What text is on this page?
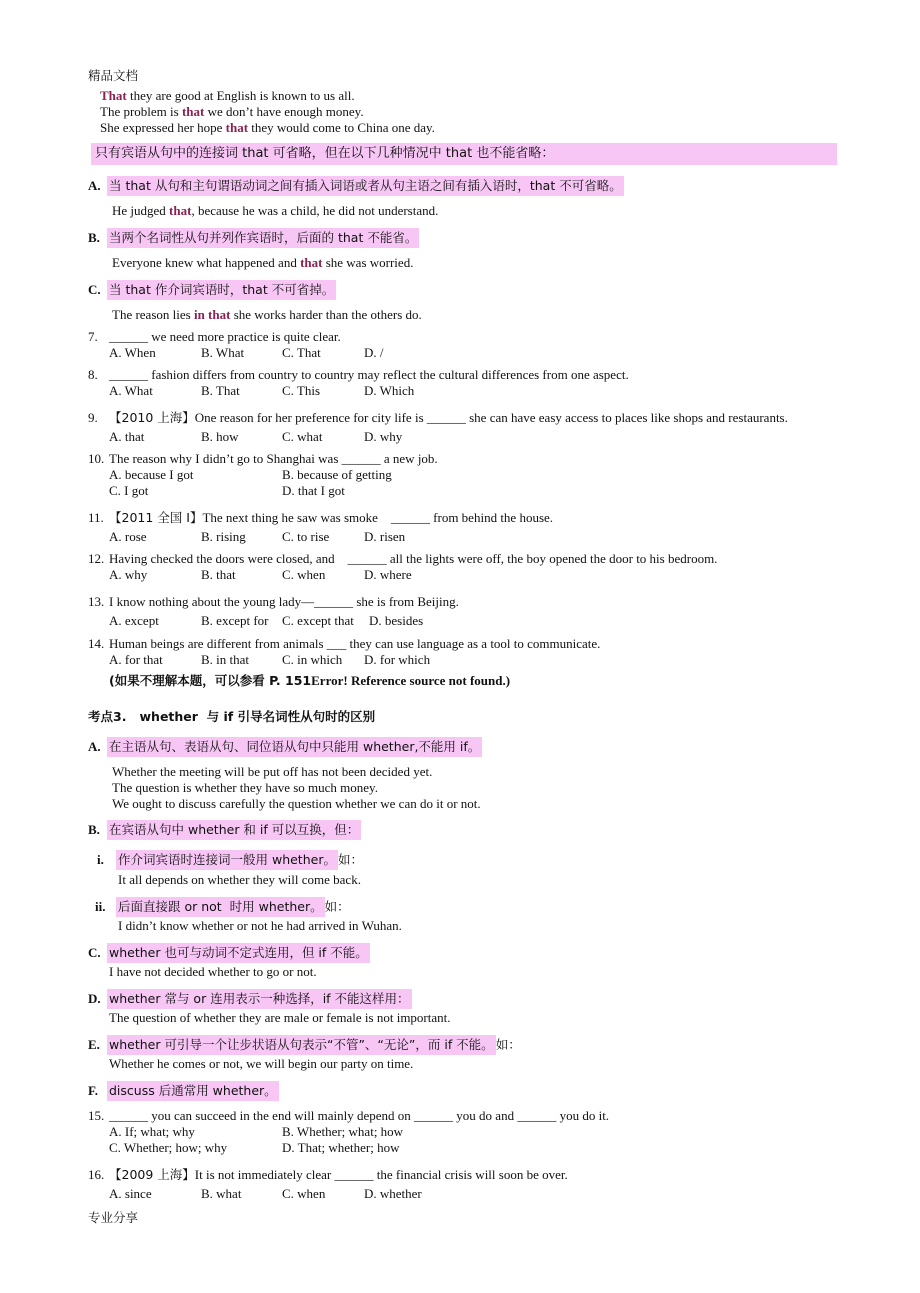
精品文档
That they are good at English is known to us all.
The problem is that we don’t have enough money.
She expressed her hope that they would come to China one day.
只有宾语从句中的连接词 that 可省略，但在以下几种情况中 that 也不能省略：
A. 当 that 从句和主句谓语动词之间有插入词语或者从句主语之间有插入语时，that 不可省略。
He judged that, because he was a child, he did not understand.
B. 当两个名词性从句并列作宾语时，后面的 that 不能省。
Everyone knew what happened and that she was worried.
C. 当 that 作介词宾语时，that 不可省掉。
The reason lies in that she works harder than the others do.
7. ______ we need more practice is quite clear.
A. When	B. What	C. That	D. /
8. ______ fashion differs from country to country may reflect the cultural differences from one aspect.
A. What	B. That	C. This	D. Which
9. 【2010 上海】One reason for her preference for city life is ______ she can have easy access to places like shops and restaurants.
A. that	B. how	C. what	D. why
10. The reason why I didn’t go to Shanghai was ______ a new job.
A. because I got	B. because of getting
C. I got	D. that I got
11. 【2011 全国 I】The next thing he saw was smoke    ______ from behind the house.
A. rose	B. rising	C. to rise	D. risen
12. Having checked the doors were closed, and    ______ all the lights were off, the boy opened the door to his bedroom.
A. why	B. that	C. when	D. where
13. I know nothing about the young lady—______ she is from Beijing.
A. except	B. except for C. except that D. besides
14. Human beings are different from animals ___ they can use language as a tool to communicate.
A. for that	B. in that	C. in which D. for which
(如果不理解本题，可以参看 P. 151Error! Reference source not found.)
考点3.   whether  与 if 引导名词性从句时的区别
A. 在主语从句、表语从句、同位语从句中只能用 whether,不能用 if。
Whether the meeting will be put off has not been decided yet.
The question is whether they have so much money.
We ought to discuss carefully the question whether we can do it or not.
B. 在宾语从句中 whether 和 if 可以互换，但：
i. 作介词宾语时连接词一般用 whether。 如：
It all depends on whether they will come back.
ii. 后面直接跟 or not  时用 whether。 如：
I didn’t know whether or not he had arrived in Wuhan.
C. whether 也可与动词不定式连用，但 if 不能。
I have not decided whether to go or not.
D. whether 常与 or 连用表示一种选择，if 不能这样用：
The question of whether they are male or female is not important.
E. whether 可引导一个让步状语从句表示“不管”、“无论”，而 if 不能。 如：
Whether he comes or not, we will begin our party on time.
F. discuss 后通常用 whether。
15. ______ you can succeed in the end will mainly depend on ______ you do and ______ you do it.
A. If; what; why	B. Whether; what; how
C. Whether; how; why	D. That; whether; how
16. 【2009 上海】It is not immediately clear ______ the financial crisis will soon be over.
A. since	B. what	C. when	D. whether
专业分享
